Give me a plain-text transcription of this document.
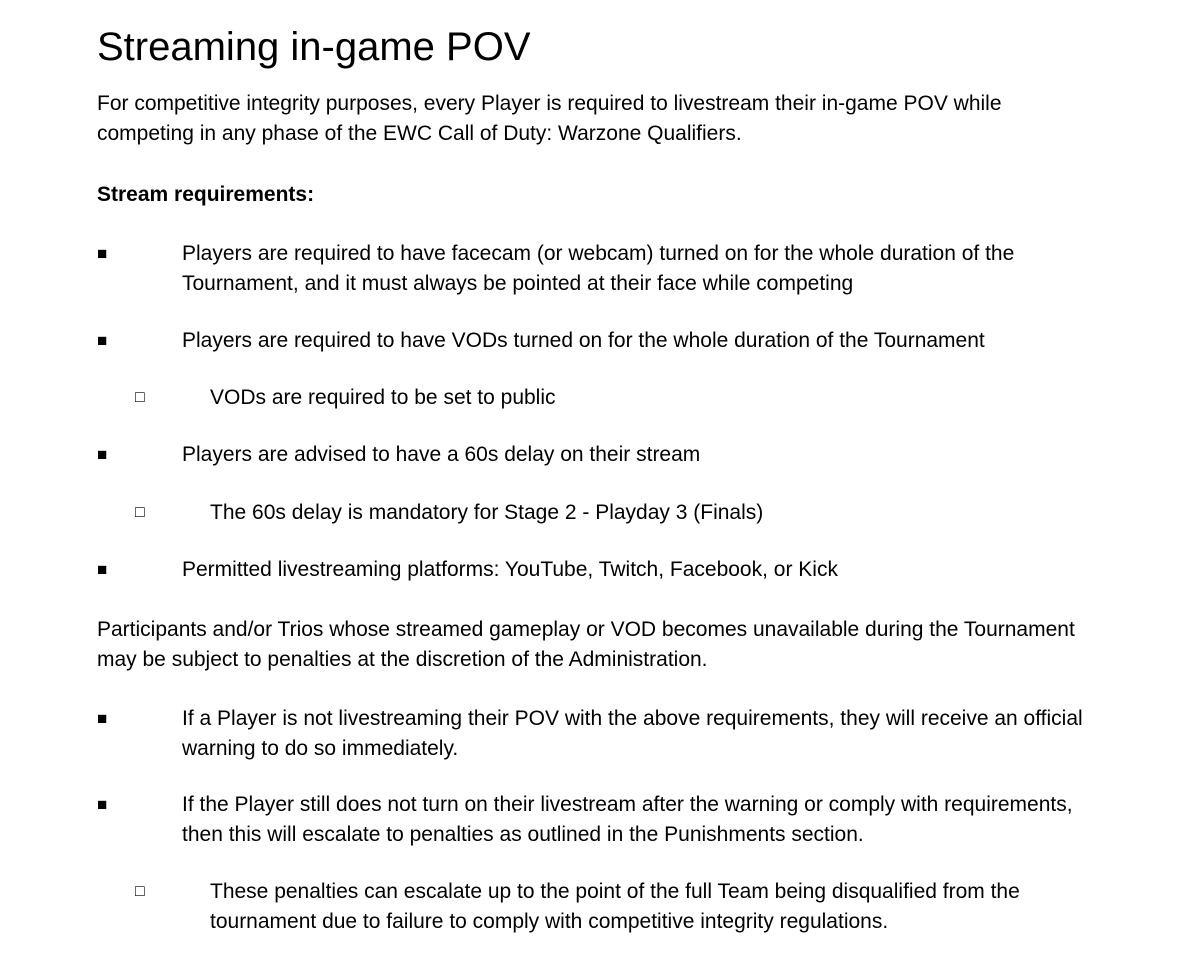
Streaming in-game POV

For competitive integrity purposes, every Player is required to livestream their in-game POV while competing in any phase of the EWC Call of Duty: Warzone Qualifiers.

Stream requirements:

■	Players are required to have facecam (or webcam) turned on for the whole duration of the Tournament, and it must always be pointed at their face while competing
■	Players are required to have VODs turned on for the whole duration of the Tournament
□	VODs are required to be set to public
■	Players are advised to have a 60s delay on their stream
□	The 60s delay is mandatory for Stage 2 - Playday 3 (Finals)
■	Permitted livestreaming platforms: YouTube, Twitch, Facebook, or Kick

Participants and/or Trios whose streamed gameplay or VOD becomes unavailable during the Tournament may be subject to penalties at the discretion of the Administration.

■	If a Player is not livestreaming their POV with the above requirements, they will receive an official warning to do so immediately.
■	If the Player still does not turn on their livestream after the warning or comply with requirements, then this will escalate to penalties as outlined in the Punishments section.
□	These penalties can escalate up to the point of the full Team being disqualified from the tournament due to failure to comply with competitive integrity regulations.
